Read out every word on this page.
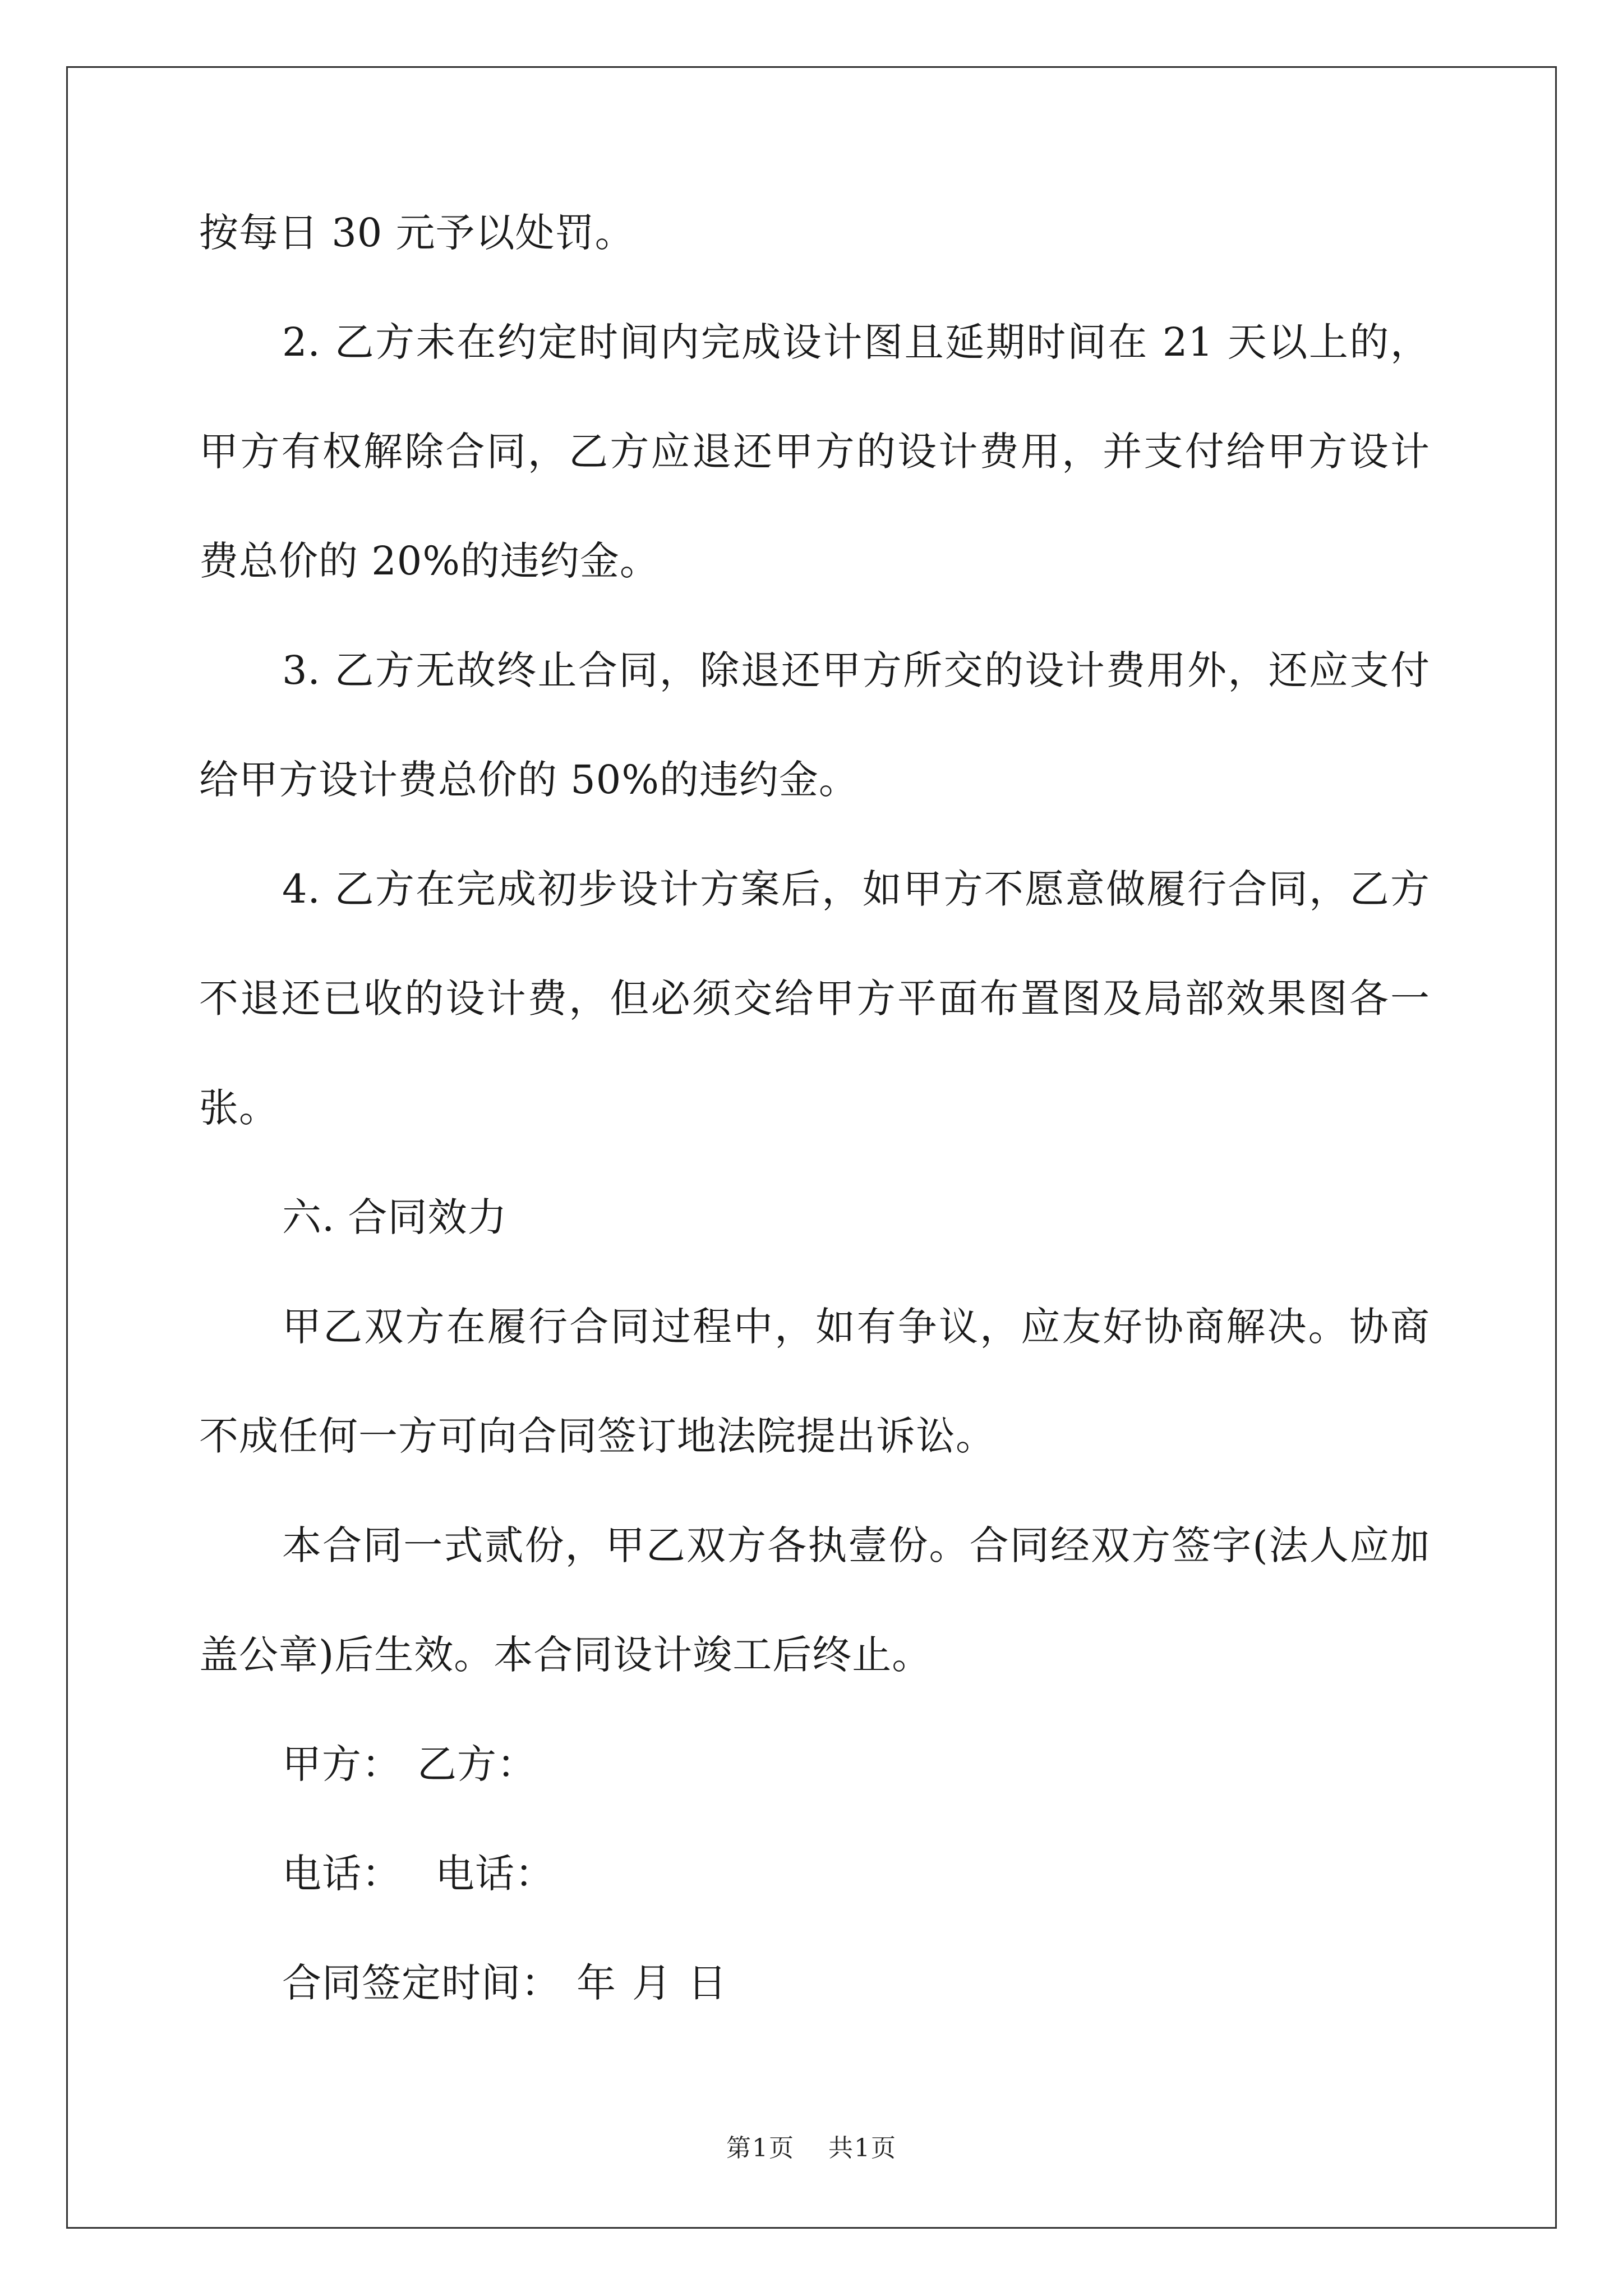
按每日 30 元予以处罚。
2. 乙方未在约定时间内完成设计图且延期时间在 21 天以上的，
甲方有权解除合同，乙方应退还甲方的设计费用，并支付给甲方设计
费总价的 20%的违约金。
3. 乙方无故终止合同，除退还甲方所交的设计费用外，还应支付
给甲方设计费总价的 50%的违约金。
4. 乙方在完成初步设计方案后，如甲方不愿意做履行合同，乙方
不退还已收的设计费，但必须交给甲方平面布置图及局部效果图各一
张。
六. 合同效力
甲乙双方在履行合同过程中，如有争议，应友好协商解决。协商
不成任何一方可向合同签订地法院提出诉讼。
本合同一式贰份，甲乙双方各执壹份。合同经双方签字(法人应加
盖公章)后生效。本合同设计竣工后终止。
甲方： 乙方：
电话： 电话：
合同签定时间： 年 月 日
第1页 共1页
